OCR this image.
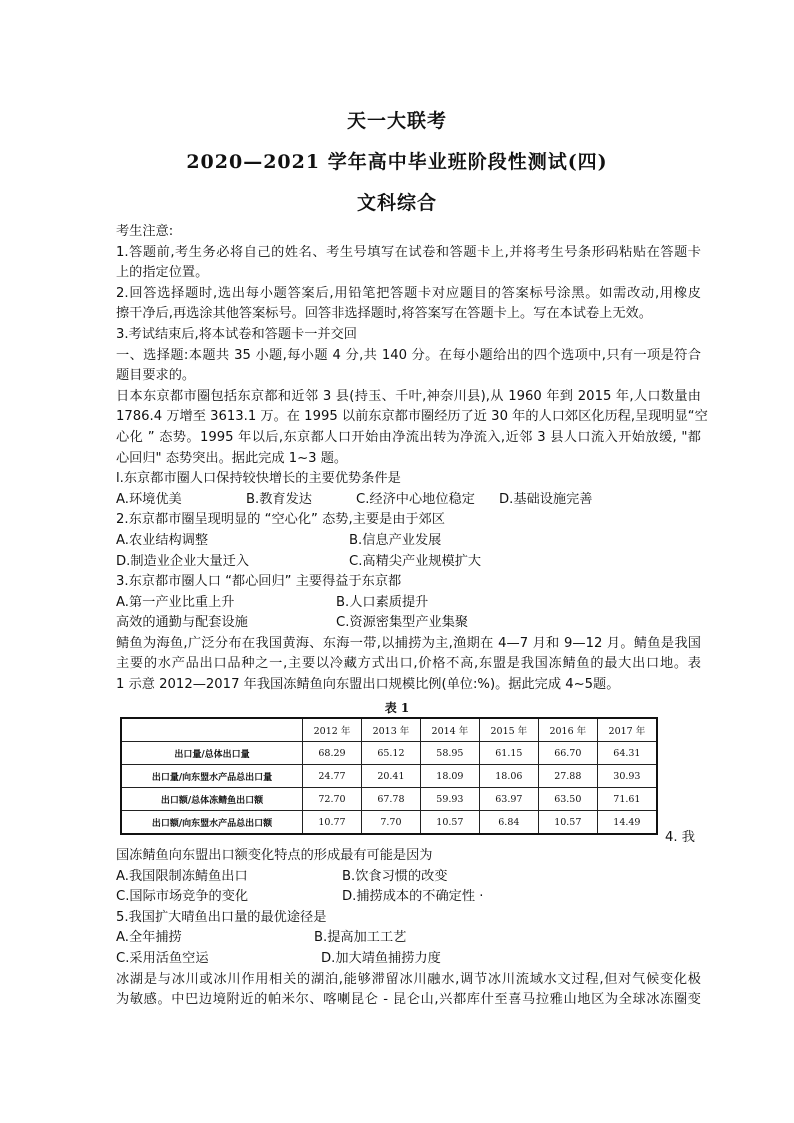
天一大联考
2020—2021 学年高中毕业班阶段性测试(四)
文科综合
考生注意:
1.答题前,考生务必将自己的姓名、考生号填写在试卷和答题卡上,并将考生号条形码粘贴在答题卡
上的指定位置。
2.回答选择题时,选出每小题答案后,用铅笔把答题卡对应题目的答案标号涂黑。如需改动,用橡皮
擦干净后,再选涂其他答案标号。回答非选择题时,将答案写在答题卡上。写在本试卷上无效。
3.考试结束后,将本试卷和答题卡一并交回
一、选择题:本题共 35 小题,每小题 4 分,共 140 分。在每小题给出的四个选项中,只有一项是符合
题目要求的。
日本东京都市圈包括东京都和近邻 3 县(持玉、千叶,神奈川县),从 1960 年到 2015 年,人口数量由
1786.4 万增至 3613.1 万。在 1995 以前东京都市圈经历了近 30 年的人口郊区化历程,呈现明显“空
心化 ” 态势。1995 年以后,东京都人口开始由净流出转为净流入,近邻 3 县人口流入开始放缓, "都
心回归" 态势突出。据此完成 1~3 题。
l.东京都市圈人口保持较快增长的主要优势条件是
A.环境优美	B.教育发达	C.经济中心地位稳定	D.基础设施完善
2.东京都市圈呈现明显的 “空心化” 态势,主要是由于郊区
A.农业结构调整	B.信息产业发展
D.制造业企业大量迁入	C.高精尖产业规模扩大
3.东京都市圈人口 “都心回归” 主要得益于东京都
A.第一产业比重上升	B.人口素质提升
高效的通勤与配套设施	C.资源密集型产业集聚
鲭鱼为海鱼,广泛分布在我国黄海、东海一带,以捕捞为主,渔期在 4—7 月和 9—12 月。鲭鱼是我国
主要的水产品出口品种之一,主要以冷藏方式出口,价格不高,东盟是我国冻鲭鱼的最大出口地。表
1 示意 2012—2017 年我国冻鲭鱼向东盟出口规模比例(单位:%)。据此完成 4~5题。
表 1
	2012 年	2013 年	2014 年	2015 年	2016 年	2017 年
出口量/总体出口量	68.29	65.12	58.95	61.15	66.70	64.31
出口量/向东盟水产品总出口量	24.77	20.41	18.09	18.06	27.88	30.93
出口额/总体冻鲭鱼出口额	72.70	67.78	59.93	63.97	63.50	71.61
出口额/向东盟水产品总出口额	10.77	7.70	10.57	6.84	10.57	14.49
4. 我
国冻鲭鱼向东盟出口额变化特点的形成最有可能是因为
A.我国限制冻鲭鱼出口	B.饮食习惯的改变
C.国际市场竞争的变化	D.捕捞成本的不确定性 ·
5.我国扩大晴鱼出口量的最优途径是
A.全年捕捞	B.提高加工工艺
C.采用活鱼空运	D.加大靖鱼捕捞力度
冰湖是与冰川或冰川作用相关的湖泊,能够滞留冰川融水,调节冰川流域水文过程,但对气候变化极
为敏感。中巴边境附近的帕米尔、喀喇昆仑 - 昆仑山,兴都库什至喜马拉雅山地区为全球冰冻圈变
